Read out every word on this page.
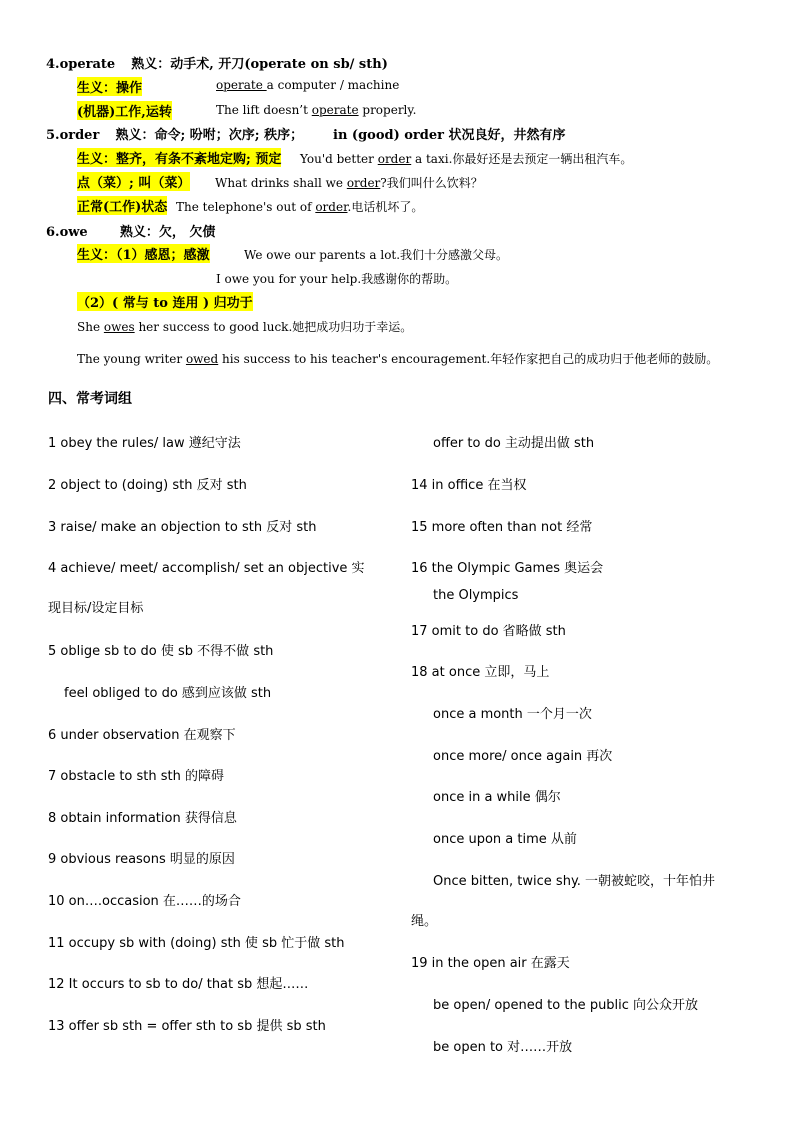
4.operate 熟义：动手术, 开刀(operate on sb/ sth)
生义：操作	operate a computer / machine
(机器)工作,运转	The lift doesn’t operate properly.
5.order 熟义：命令; 吩咐；次序; 秩序； in (good) order 状况良好，井然有序
生义：整齐，有条不紊地定购; 预定 You'd better order a taxi.你最好还是去预定一辆出租汽车。
点（菜）; 叫（菜） What drinks shall we order?我们叫什么饮料？
正常(工作)状态 The telephone's out of order.电话机坏了。
6.owe 熟义：欠， 欠债
生义：（1）感恩；感激	We owe our parents a lot.我们十分感激父母。
I owe you for your help.我感谢你的帮助。
（2）( 常与 to 连用 ) 归功于
She owes her success to good luck.她把成功归功于幸运。
The young writer owed his success to his teacher's encouragement.年轻作家把自己的成功归于他老师的鼓励。
四、常考词组
1 obey the rules/ law 遵纪守法
2 object to (doing) sth 反对 sth
3 raise/ make an objection to sth 反对 sth
4 achieve/ meet/ accomplish/ set an objective 实
现目标/设定目标
5 oblige sb to do 使 sb 不得不做 sth
feel obliged to do 感到应该做 sth
6 under observation 在观察下
7 obstacle to sth sth 的障碍
8 obtain information 获得信息
9 obvious reasons 明显的原因
10 on….occasion 在……的场合
11 occupy sb with (doing) sth 使 sb 忙于做 sth
12 It occurs to sb to do/ that sb 想起……
13 offer sb sth = offer sth to sb 提供 sb sth
offer to do 主动提出做 sth
14 in office 在当权
15 more often than not 经常
16 the Olympic Games 奥运会
the Olympics
17 omit to do 省略做 sth
18 at once 立即，马上
once a month 一个月一次
once more/ once again 再次
once in a while 偶尔
once upon a time 从前
Once bitten, twice shy. 一朝被蛇咬，十年怕井
绳。
19 in the open air 在露天
be open/ opened to the public 向公众开放
be open to 对……开放
